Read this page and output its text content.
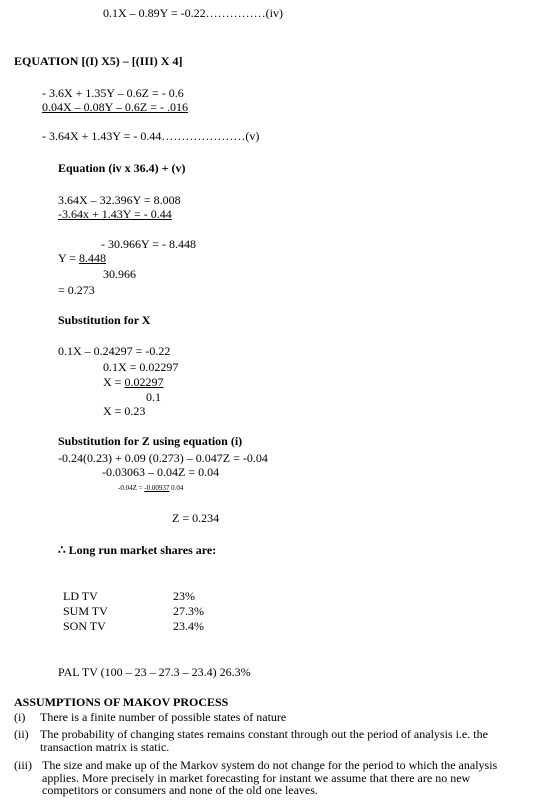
0.1X – 0.89Y = -0.22……………(iv)
EQUATION [(I) X5) – [(III) X 4]
- 3.6X + 1.35Y – 0.6Z = - 0.6
0.04X – 0.08Y – 0.6Z = - .016
- 3.64X + 1.43Y = - 0.44…………………(v)
Equation (iv x 36.4) + (v)
3.64X – 32.396Y = 8.008
-3.64x + 1.43Y = - 0.44
- 30.966Y = - 8.448
Y = 8.448
30.966
= 0.273
Substitution for X
0.1X – 0.24297 = -0.22
0.1X = 0.02297
X = 0.02297
0.1
X = 0.23
Substitution for Z using equation (i)
-0.24(0.23) + 0.09 (0.273) – 0.047Z = -0.04
-0.03063 – 0.04Z = 0.04
-0.04Z = -0.00937 0.04
Z = 0.234
∴ Long run market shares are:
LD TV	23%
SUM TV	27.3%
SON TV	23.4%
PAL TV (100 – 23 – 27.3 – 23.4) 26.3%
ASSUMPTIONS OF MAKOV PROCESS
(i) There is a finite number of possible states of nature
(ii) The probability of changing states remains constant through out the period of analysis i.e. the transaction matrix is static.
(iii) The size and make up of the Markov system do not change for the period to which the analysis applies. More precisely in market forecasting for instant we assume that there are no new competitors or consumers and none of the old one leaves.
